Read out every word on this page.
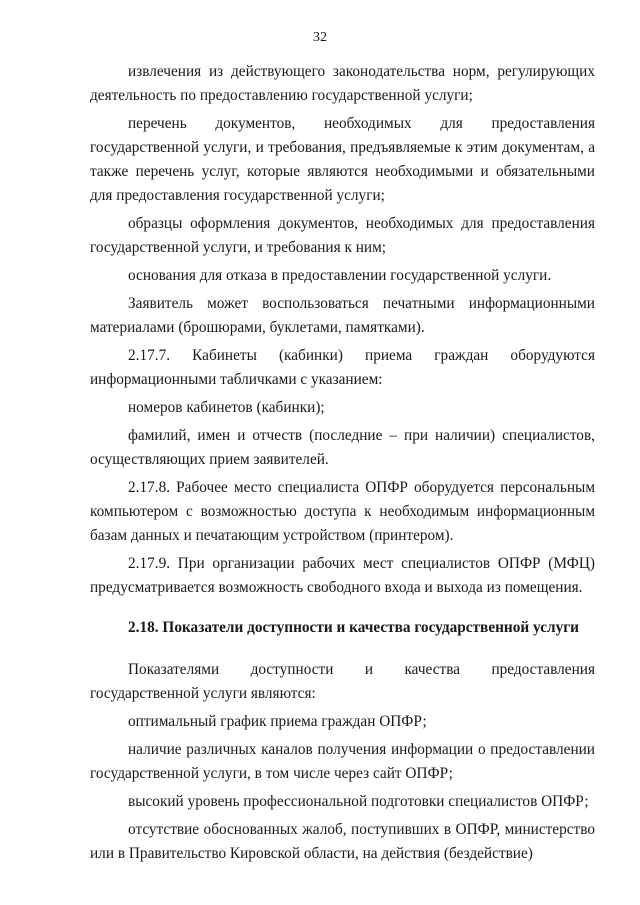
32

извлечения из действующего законодательства норм, регулирующих деятельность по предоставлению государственной услуги;

перечень документов, необходимых для предоставления государственной услуги, и требования, предъявляемые к этим документам, а также перечень услуг, которые являются необходимыми и обязательными для предоставления государственной услуги;

образцы оформления документов, необходимых для предоставления государственной услуги, и требования к ним;

основания для отказа в предоставлении государственной услуги.

Заявитель может воспользоваться печатными информационными материалами (брошюрами, буклетами, памятками).

2.17.7. Кабинеты (кабинки) приема граждан оборудуются информационными табличками с указанием:

номеров кабинетов (кабинки);

фамилий, имен и отчеств (последние – при наличии) специалистов, осуществляющих прием заявителей.

2.17.8. Рабочее место специалиста ОПФР оборудуется персональным компьютером с возможностью доступа к необходимым информационным базам данных и печатающим устройством (принтером).

2.17.9. При организации рабочих мест специалистов ОПФР (МФЦ) предусматривается возможность свободного входа и выхода из помещения.

2.18. Показатели доступности и качества государственной услуги

Показателями доступности и качества предоставления государственной услуги являются:

оптимальный график приема граждан ОПФР;

наличие различных каналов получения информации о предоставлении государственной услуги, в том числе через сайт ОПФР;

высокий уровень профессиональной подготовки специалистов ОПФР;

отсутствие обоснованных жалоб, поступивших в ОПФР, министерство или в Правительство Кировской области, на действия (бездействие)
